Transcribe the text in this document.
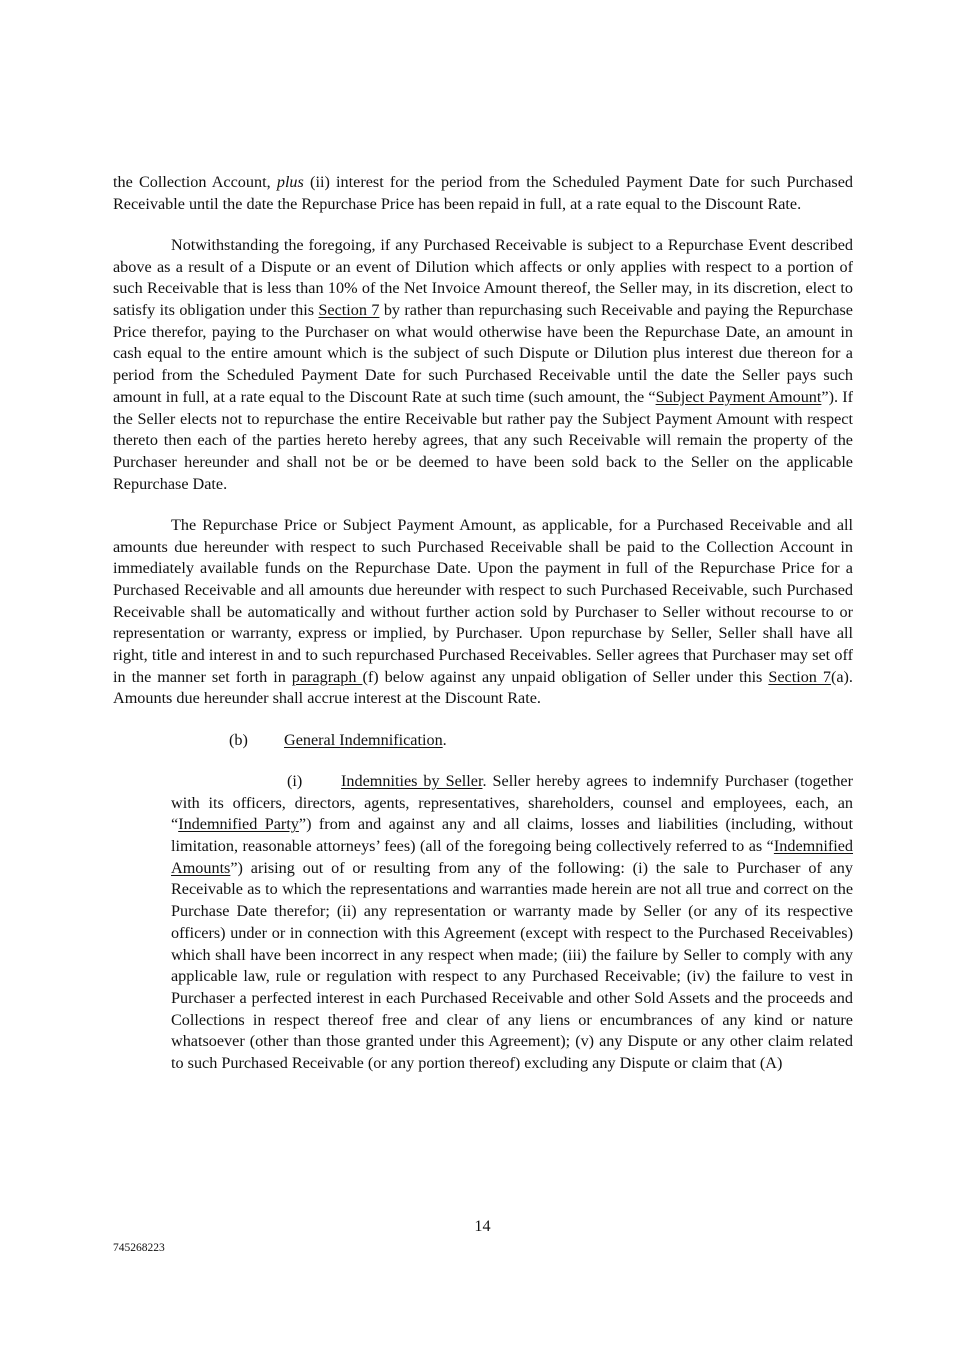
the Collection Account, plus (ii) interest for the period from the Scheduled Payment Date for such Purchased Receivable until the date the Repurchase Price has been repaid in full, at a rate equal to the Discount Rate.

Notwithstanding the foregoing, if any Purchased Receivable is subject to a Repurchase Event described above as a result of a Dispute or an event of Dilution which affects or only applies with respect to a portion of such Receivable that is less than 10% of the Net Invoice Amount thereof, the Seller may, in its discretion, elect to satisfy its obligation under this Section 7 by rather than repurchasing such Receivable and paying the Repurchase Price therefor, paying to the Purchaser on what would otherwise have been the Repurchase Date, an amount in cash equal to the entire amount which is the subject of such Dispute or Dilution plus interest due thereon for a period from the Scheduled Payment Date for such Purchased Receivable until the date the Seller pays such amount in full, at a rate equal to the Discount Rate at such time (such amount, the “Subject Payment Amount”). If the Seller elects not to repurchase the entire Receivable but rather pay the Subject Payment Amount with respect thereto then each of the parties hereto hereby agrees, that any such Receivable will remain the property of the Purchaser hereunder and shall not be or be deemed to have been sold back to the Seller on the applicable Repurchase Date.

The Repurchase Price or Subject Payment Amount, as applicable, for a Purchased Receivable and all amounts due hereunder with respect to such Purchased Receivable shall be paid to the Collection Account in immediately available funds on the Repurchase Date. Upon the payment in full of the Repurchase Price for a Purchased Receivable and all amounts due hereunder with respect to such Purchased Receivable, such Purchased Receivable shall be automatically and without further action sold by Purchaser to Seller without recourse to or representation or warranty, express or implied, by Purchaser. Upon repurchase by Seller, Seller shall have all right, title and interest in and to such repurchased Purchased Receivables. Seller agrees that Purchaser may set off in the manner set forth in paragraph (f) below against any unpaid obligation of Seller under this Section 7(a). Amounts due hereunder shall accrue interest at the Discount Rate.

(b) General Indemnification.
(i) Indemnities by Seller. Seller hereby agrees to indemnify Purchaser (together with its officers, directors, agents, representatives, shareholders, counsel and employees, each, an “Indemnified Party”) from and against any and all claims, losses and liabilities (including, without limitation, reasonable attorneys’ fees) (all of the foregoing being collectively referred to as “Indemnified Amounts”) arising out of or resulting from any of the following: (i) the sale to Purchaser of any Receivable as to which the representations and warranties made herein are not all true and correct on the Purchase Date therefor; (ii) any representation or warranty made by Seller (or any of its respective officers) under or in connection with this Agreement (except with respect to the Purchased Receivables) which shall have been incorrect in any respect when made; (iii) the failure by Seller to comply with any applicable law, rule or regulation with respect to any Purchased Receivable; (iv) the failure to vest in Purchaser a perfected interest in each Purchased Receivable and other Sold Assets and the proceeds and Collections in respect thereof free and clear of any liens or encumbrances of any kind or nature whatsoever (other than those granted under this Agreement); (v) any Dispute or any other claim related to such Purchased Receivable (or any portion thereof) excluding any Dispute or claim that (A)
14
745268223
